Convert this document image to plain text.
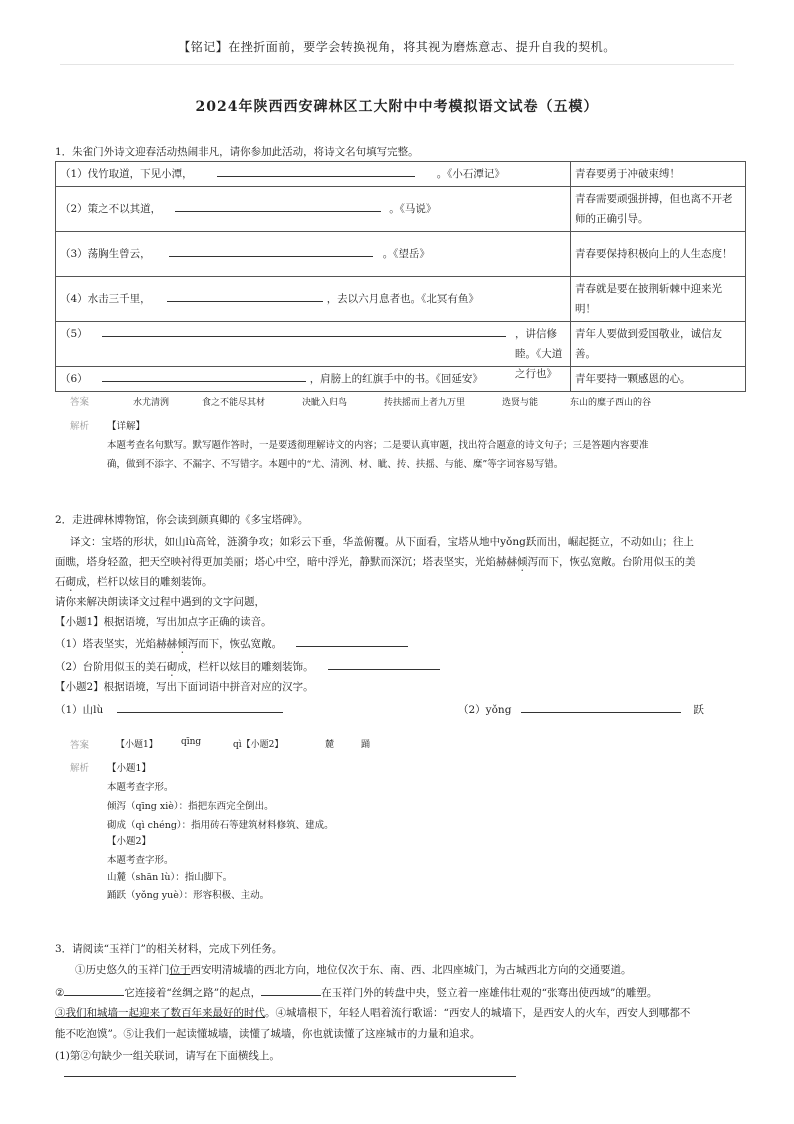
【铭记】在挫折面前，要学会转换视角，将其视为磨炼意志、提升自我的契机。
2024年陕西西安碑林区工大附中中考模拟语文试卷（五模）
1．朱雀门外诗文迎春活动热闹非凡，请你参加此活动，将诗文名句填写完整。
（1）伐竹取道，下见小潭， 。《小石潭记》	青春要勇于冲破束缚！
（2）策之不以其道， 。《马说》	青春需要顽强拼搏，但也离不开老师的正确引导。
（3）荡胸生曾云， 。《望岳》	青春要保持积极向上的人生态度！
（4）水击三千里， ，去以六月息者也。《北冥有鱼》	青春就是要在披荆斩棘中迎来光明！

（5） ，讲信修睦。《大道之行也》	青年人要做到爱国敬业，诚信友善。
（6） ，肩膀上的红旗手中的书。《回延安》	青年要持一颗感恩的心。
答案	水尤清洌	食之不能尽其材	决眦入归鸟	抟扶摇而上者九万里	选贤与能	东山的糜子西山的谷
解析 【详解】
本题考查名句默写。默写题作答时，一是要透彻理解诗文的内容；二是要认真审题，找出符合题意的诗文句子；三是答题内容要准
确，做到不添字、不漏字、不写错字。本题中的“尤、清洌、材、眦、抟、扶摇、与能、糜”等字词容易写错。
2．走进碑林博物馆，你会读到颜真卿的《多宝塔碑》。
译文：宝塔的形状，如山lù高耸，涟漪争攻；如彩云下垂，华盖俯覆。从下面看，宝塔从地中yǒng跃而出，崛起挺立，不动如山；往上
面瞧，塔身轻盈，把天空映衬得更加美丽；塔心中空，暗中浮光，静默而深沉；塔表坚实，光焰赫赫倾泻而下，恢弘宽敞。台阶用似玉的美
石砌成，栏杆以炫目的雕刻装饰。
请你来解决朗读译文过程中遇到的文字问题，
【小题1】根据语境，写出加点字正确的读音。
（1）塔表坚实，光焰赫赫倾泻而下，恢弘宽敞。
（2）台阶用似玉的美石砌成，栏杆以炫目的雕刻装饰。
【小题2】根据语境，写出下面词语中拼音对应的汉字。
（1）山lù	（2）yǒng	跃
答案	【小题1】	qīng	qì【小题2】	麓	踊
解析 【小题1】
本题考查字形。
倾泻（qīng xiè）：指把东西完全倒出。
砌成（qì chéng）：指用砖石等建筑材料修筑、建成。
【小题2】
本题考查字形。
山麓（shān lù）：指山脚下。
踊跃（yǒng yuè）：形容积极、主动。
3．请阅读“玉祥门”的相关材料，完成下列任务。
①历史悠久的玉祥门位于西安明清城墙的西北方向，地位仅次于东、南、西、北四座城门，为古城西北方向的交通要道。
②	它连接着“丝绸之路”的起点，	在玉祥门外的转盘中央，竖立着一座雄伟壮观的“张骞出使西域”的雕塑。
③我们和城墙一起迎来了数百年来最好的时代。④城墙根下，年轻人唱着流行歌谣：“西安人的城墙下，是西安人的火车，西安人到哪都不
能不吃泡馍”。⑤让我们一起读懂城墙，读懂了城墙，你也就读懂了这座城市的力量和追求。
(1)第②句缺少一组关联词，请写在下面横线上。
